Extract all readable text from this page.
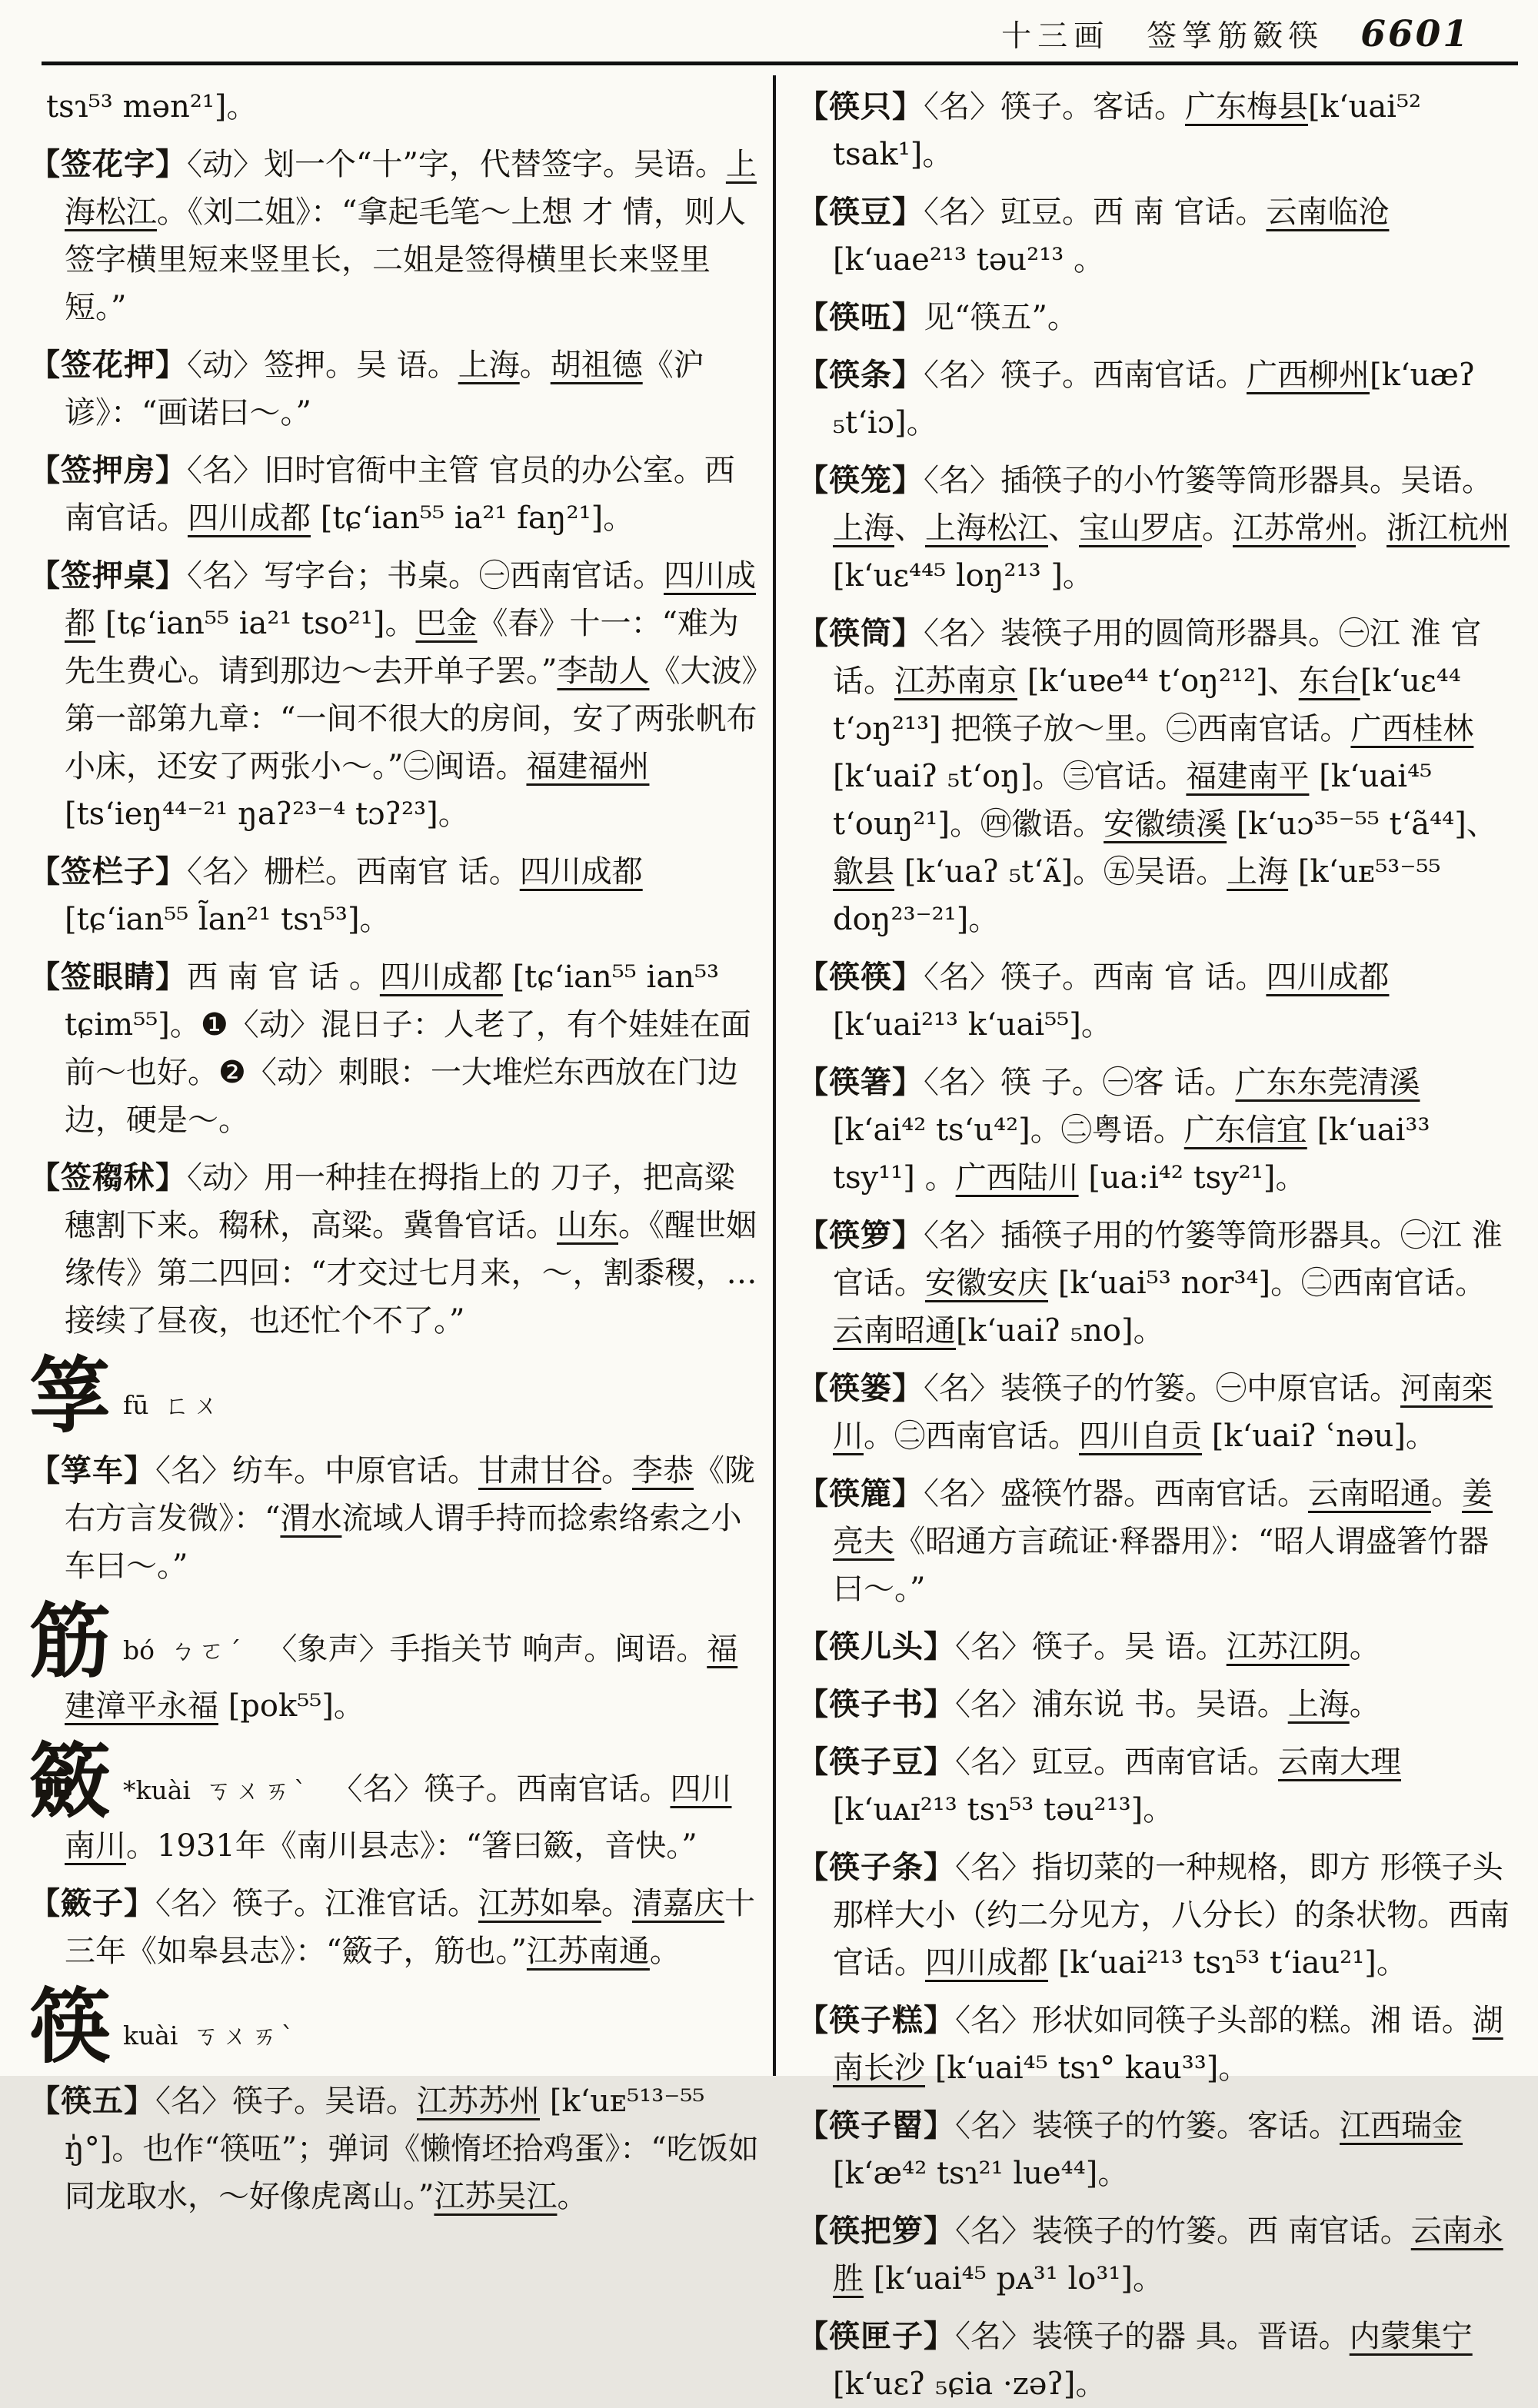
十三画 签筟筋籢筷 6601

tsɿ⁵³ mən²¹]。

【签花字】〈动〉划一个“十”字，代替签字。吴语。上海松江。《刘二姐》：“拿起毛笔～上想 才 情，则人签字横里短来竖里长，二姐是签得横里长来竖里短。”

【签花押】〈动〉签押。吴 语。上海。胡祖德《沪谚》：“画诺曰～。”

【签押房】〈名〉旧时官衙中主管 官员的办公室。西南官话。四川成都 [tɕ‘ian⁵⁵ ia²¹ faŋ²¹]。

【签押桌】〈名〉写字台；书桌。㊀西南官话。四川成都 [tɕ‘ian⁵⁵ ia²¹ tso²¹]。巴金《春》十一：“难为先生费心。请到那边～去开单子罢。”李劼人《大波》第一部第九章：“一间不很大的房间，安了两张帆布小床，还安了两张小～。”㊁闽语。福建福州 [ts‘ieŋ⁴⁴⁻²¹ ŋaʔ²³⁻⁴ tɔʔ²³]。

【签栏子】〈名〉栅栏。西南官 话。四川成都[tɕ‘ian⁵⁵ l̃an²¹ tsɿ⁵³]。

【签眼睛】西 南 官 话 。四川成都 [tɕ‘ian⁵⁵ ian⁵³ tɕim⁵⁵]。❶〈动〉混日子：人老了，有个娃娃在面前～也好。❷〈动〉刺眼：一大堆烂东西放在门边边，硬是～。

【签䅳秫】〈动〉用一种挂在拇指上的 刀子，把高粱穗割下来。䅳秫，高粱。冀鲁官话。山东。《醒世姻缘传》第二四回：“才交过七月来，～，割黍稷，…接续了昼夜，也还忙个不了。”

筟fū ㄈㄨ

【筟车】〈名〉纺车。中原官话。甘肃甘谷。李恭《陇右方言发微》：“渭水流域人谓手持而捻索络索之小车曰～。”

筋bó ㄅㄛˊ 〈象声〉手指关节 响声。闽语。福建漳平永福 [pok⁵⁵]。

籢 *kuài ㄎㄨㄞˋ 〈名〉筷子。西南官话。四川南川。1931年《南川县志》：“箸曰籢，音快。”

【籢子】〈名〉筷子。江淮官话。江苏如皋。清嘉庆十三年《如皋县志》：“籢子，筋也。”江苏南通。

筷kuài ㄎㄨㄞˋ

【筷五】〈名〉筷子。吴语。江苏苏州 [k‘uᴇ⁵¹³⁻⁵⁵ ŋ̍°]。也作“筷㕶”；弹词《懒惰坯拾鸡蛋》：“吃饭如同龙取水，～好像虎离山。”江苏吴江。

【筷只】〈名〉筷子。客话。广东梅县[k‘uai⁵² tsak¹]。

【筷豆】〈名〉豇豆。西 南 官话。云南临沧 [k‘uae²¹³ təu²¹³ 。

【筷㕶】见“筷五”。

【筷条】〈名〉筷子。西南官话。广西柳州[k‘uæʔ ₅t‘iɔ]。

【筷笼】〈名〉插筷子的小竹篓等筒形器具。吴语。上海、上海松江、宝山罗店。江苏常州。浙江杭州 [k‘uɛ⁴⁴⁵ loŋ²¹³ ]。

【筷筒】〈名〉装筷子用的圆筒形器具。㊀江 淮 官话。江苏南京 [k‘uɐe⁴⁴ t‘oŋ²¹²]、东台[k‘uɛ⁴⁴ t‘ɔŋ²¹³] 把筷子放～里。㊁西南官话。广西桂林[k‘uaiʔ ₅t‘oŋ]。㊂官话。福建南平 [k‘uai⁴⁵ t‘ouŋ²¹]。㊃徽语。安徽绩溪 [k‘uɔ³⁵⁻⁵⁵ t‘ã⁴⁴]、歙县 [k‘uaʔ ₅t‘ᴀ̃]。㊄吴语。上海 [k‘uᴇ⁵³⁻⁵⁵ doŋ²³⁻²¹]。

【筷筷】〈名〉筷子。西南 官 话。四川成都 [k‘uai²¹³ k‘uai⁵⁵]。

【筷箸】〈名〉筷 子。㊀客 话。广东东莞清溪 [k‘ai⁴² ts‘u⁴²]。㊁粤语。广东信宜 [k‘uai³³ tsy¹¹] 。广西陆川 [ua:i⁴² tsy²¹]。

【筷箩】〈名〉插筷子用的竹篓等筒形器具。㊀江 淮 官话。安徽安庆 [k‘uai⁵³ nor³⁴]。㊁西南官话。云南昭通[k‘uaiʔ ₅no]。

【筷篓】〈名〉装筷子的竹篓。㊀中原官话。河南栾川。㊁西南官话。四川自贡 [k‘uaiʔ ʿnəu]。

【筷簏】〈名〉盛筷竹器。西南官话。云南昭通。姜亮夫《昭通方言疏证·释器用》：“昭人谓盛箸竹器曰～。”

【筷儿头】〈名〉筷子。吴 语。江苏江阴。

【筷子书】〈名〉浦东说 书。吴语。上海。

【筷子豆】〈名〉豇豆。西南官话。云南大理[k‘uᴀɪ²¹³ tsɿ⁵³ təu²¹³]。

【筷子条】〈名〉指切菜的一种规格，即方 形筷子头那样大小（约二分见方，八分长）的条状物。西南官话。四川成都 [k‘uai²¹³ tsɿ⁵³ t‘iau²¹]。

【筷子糕】〈名〉形状如同筷子头部的糕。湘 语。湖南长沙 [k‘uai⁴⁵ tsɿ° kau³³]。

【筷子罶】〈名〉装筷子的竹篓。客话。江西瑞金[k‘æ⁴² tsɿ²¹ lue⁴⁴]。

【筷把箩】〈名〉装筷子的竹篓。西 南官话。云南永胜 [k‘uai⁴⁵ pᴀ³¹ lo³¹]。

【筷匣子】〈名〉装筷子的器 具。晋语。内蒙集宁[k‘uɛʔ ₅ɕia ·zəʔ]。
